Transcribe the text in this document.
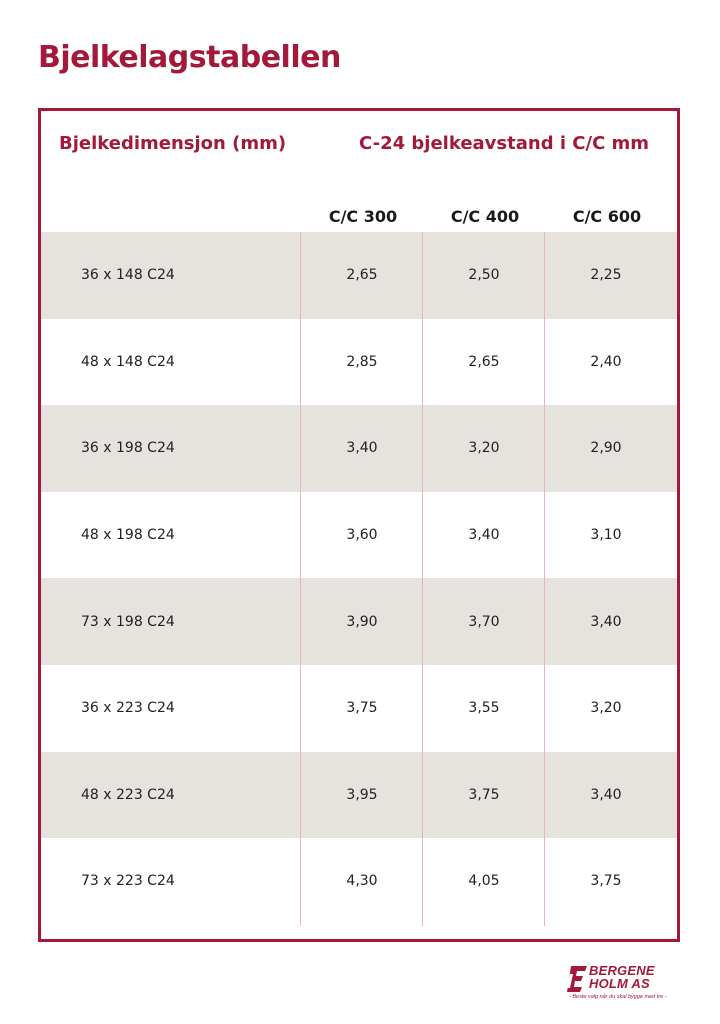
Bjelkelagstabellen
Bjelkedimensjon (mm)	C-24 bjelkeavstand i C/C mm
C/C 300	C/C 400	C/C 600
36 x 148 C24	2,65	2,50	2,25
48 x 148 C24	2,85	2,65	2,40
36 x 198 C24	3,40	3,20	2,90
48 x 198 C24	3,60	3,40	3,10
73 x 198 C24	3,90	3,70	3,40
36 x 223 C24	3,75	3,55	3,20
48 x 223 C24	3,95	3,75	3,40
73 x 223 C24	4,30	4,05	3,75
BERGENE
HOLM AS
- Beste valg når du skal bygge med tre -
